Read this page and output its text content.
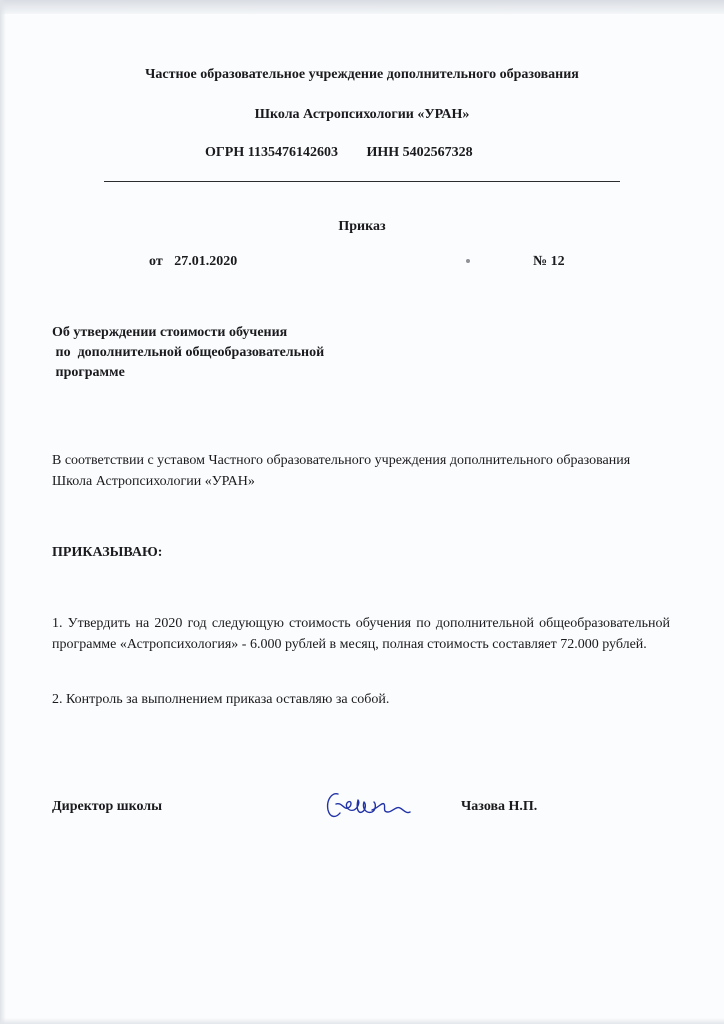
Частное образовательное учреждение дополнительного образования

Школа Астропсихологии «УРАН»

ОГРН 1135476142603 ИНН 5402567328

Приказ

от 27.01.2020	№ 12

Об утверждении стоимости обучения

по  дополнительной общеобразовательной

программе

В соответствии с уставом Частного образовательного учреждения дополнительного образования Школа Астропсихологии «УРАН»

ПРИКАЗЫВАЮ:

1. Утвердить на 2020 год следующую стоимость обучения по дополнительной общеобразовательной программе «Астропсихология» - 6.000 рублей в месяц, полная стоимость составляет 72.000 рублей.

2. Контроль за выполнением приказа оставляю за собой.

Директор школы	Чазова Н.П.
